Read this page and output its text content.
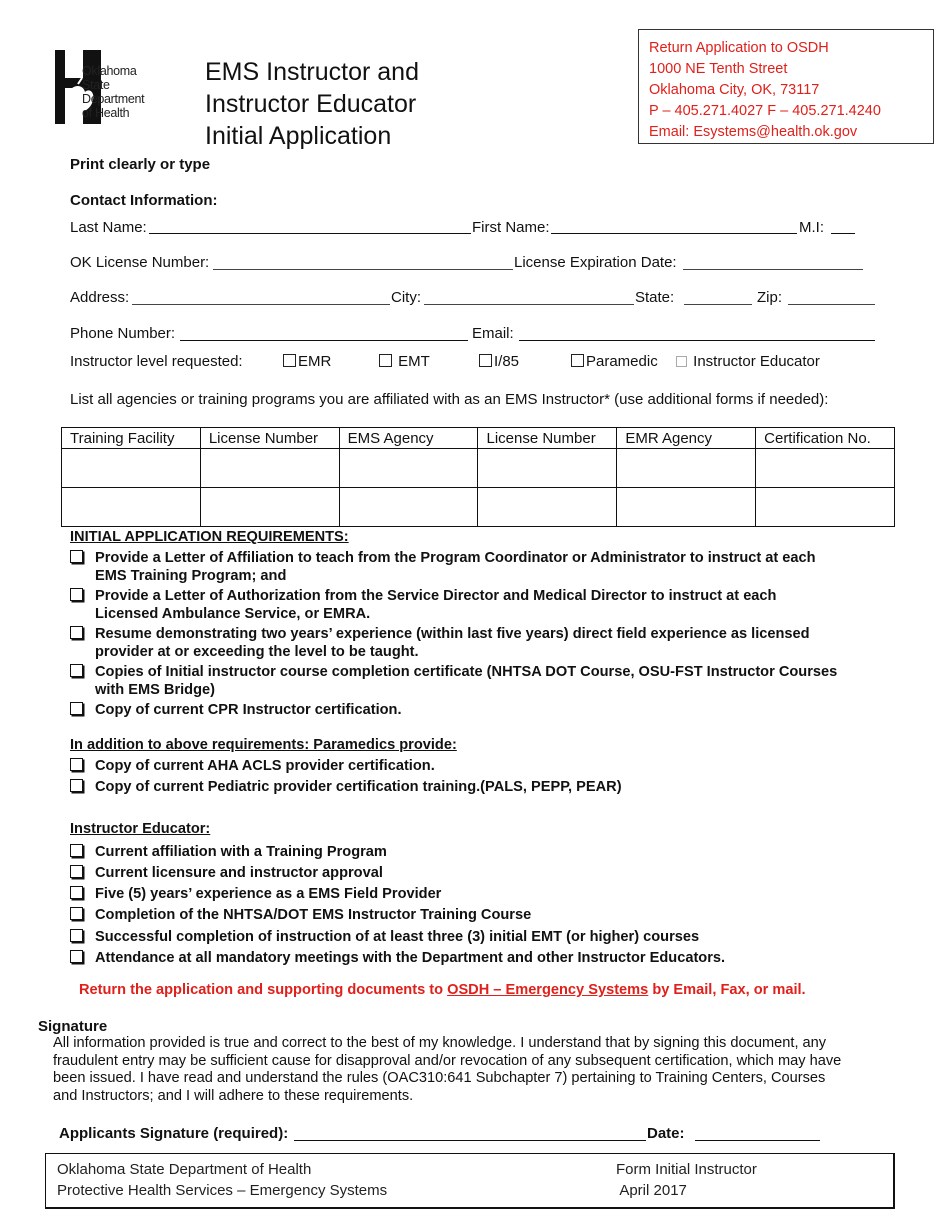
Oklahoma
State
Department
of Health
EMS Instructor and
Instructor Educator
Initial Application
Return Application to OSDH
1000 NE Tenth Street
Oklahoma City, OK, 73117
P – 405.271.4027 F – 405.271.4240
Email: Esystems@health.ok.gov
Print clearly or type
Contact Information:
Last Name:	First Name:	M.I:
OK License Number:	License Expiration Date:
Address:	City:	State:	Zip:
Phone Number:	Email:
Instructor level requested:	EMR	EMT	I/85	Paramedic	Instructor Educator
List all agencies or training programs you are affiliated with as an EMS Instructor* (use additional forms if needed):
Training Facility	License Number	EMS Agency	License Number	EMR Agency	Certification No.

INITIAL APPLICATION REQUIREMENTS:
Provide a Letter of Affiliation to teach from the Program Coordinator or Administrator to instruct at each
EMS Training Program; and
Provide a Letter of Authorization from the Service Director and Medical Director to instruct at each
Licensed Ambulance Service, or EMRA.
Resume demonstrating two years’ experience (within last five years) direct field experience as licensed
provider at or exceeding the level to be taught.
Copies of Initial instructor course completion certificate (NHTSA DOT Course, OSU-FST Instructor Courses
with EMS Bridge)
Copy of current CPR Instructor certification.
In addition to above requirements: Paramedics provide:
Copy of current AHA ACLS provider certification.
Copy of current Pediatric provider certification training.(PALS, PEPP, PEAR)
Instructor Educator:
Current affiliation with a Training Program
Current licensure and instructor approval
Five (5) years’ experience as a EMS Field Provider
Completion of the NHTSA/DOT EMS Instructor Training Course
Successful completion of instruction of at least three (3) initial EMT (or higher) courses
Attendance at all mandatory meetings with the Department and other Instructor Educators.
Return the application and supporting documents to OSDH – Emergency Systems by Email, Fax, or mail.
Signature
All information provided is true and correct to the best of my knowledge. I understand that by signing this document, any fraudulent entry may be sufficient cause for disapproval and/or revocation of any subsequent certification, which may have been issued. I have read and understand the rules (OAC310:641 Subchapter 7) pertaining to Training Centers, Courses and Instructors; and I will adhere to these requirements.
Applicants Signature (required):	Date:
Oklahoma State Department of Health
Protective Health Services – Emergency Systems
Form Initial Instructor
April 2017
